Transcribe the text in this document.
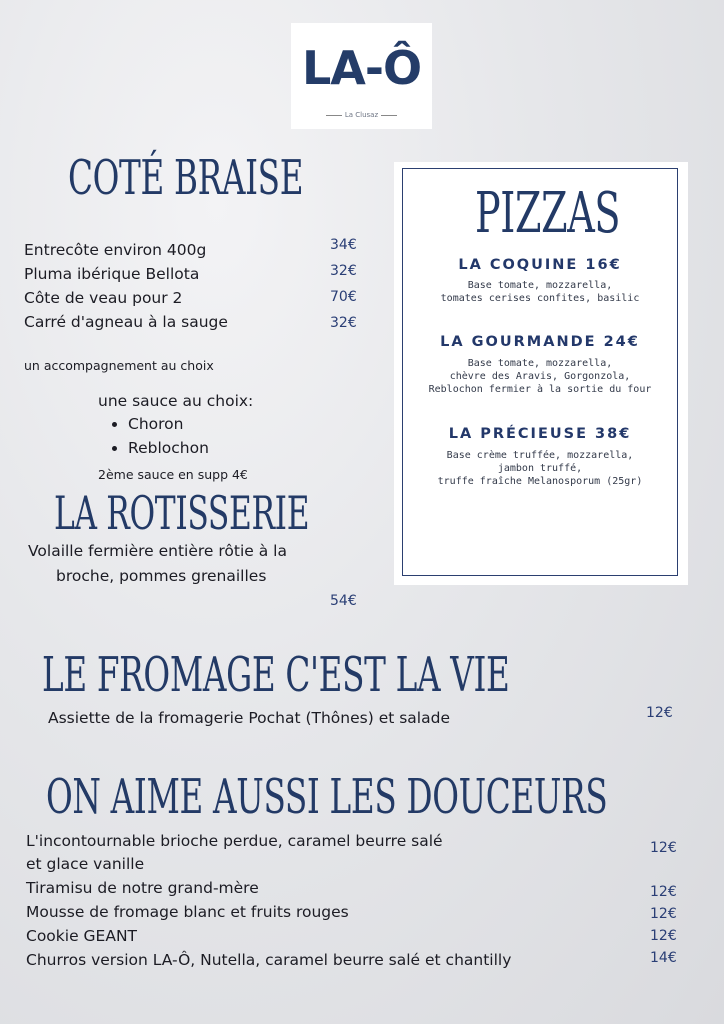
LA-Ô
La Clusaz
COTÉ BRAISE
Entrecôte environ 400g	34€
Pluma ibérique Bellota	32€
Côte de veau pour 2	70€
Carré d'agneau à la sauge	32€
un accompagnement au choix
une sauce au choix:
• Choron
• Reblochon
2ème sauce en supp 4€
LA ROTISSERIE
Volaille fermière entière rôtie à la
broche, pommes grenailles
54€
PIZZAS
LA COQUINE 16€
Base tomate, mozzarella,
tomates cerises confites, basilic
LA GOURMANDE 24€
Base tomate, mozzarella,
chèvre des Aravis, Gorgonzola,
Reblochon fermier à la sortie du four
LA PRÉCIEUSE 38€
Base crème truffée, mozzarella,
jambon truffé,
truffe fraîche Melanosporum (25gr)
LE FROMAGE C'EST LA VIE
Assiette de la fromagerie Pochat (Thônes) et salade	12€
ON AIME AUSSI LES DOUCEURS
L'incontournable brioche perdue, caramel beurre salé
et glace vanille
12€
Tiramisu de notre grand-mère	12€
Mousse de fromage blanc et fruits rouges	12€
Cookie GEANT	12€
Churros version LA-Ô, Nutella, caramel beurre salé et chantilly	14€
